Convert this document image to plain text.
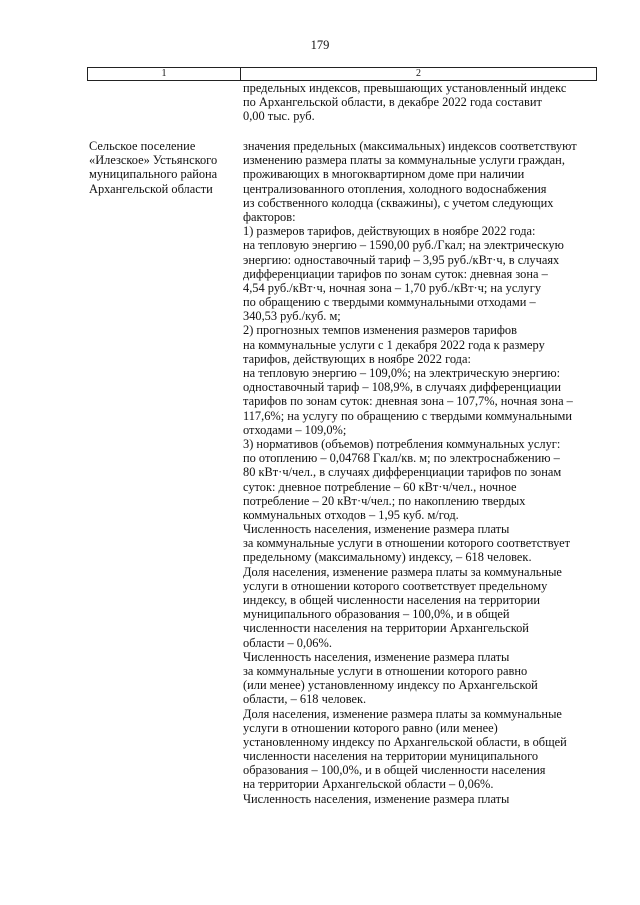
179
1	2
предельных индексов, превышающих установленный индекс
по Архангельской области, в декабре 2022 года составит
0,00 тыс. руб.
Сельское поселение
«Илезское» Устьянского
муниципального района
Архангельской области
значения предельных (максимальных) индексов соответствуют
изменению размера платы за коммунальные услуги граждан,
проживающих в многоквартирном доме при наличии
централизованного отопления, холодного водоснабжения
из собственного колодца (скважины), с учетом следующих
факторов:
1) размеров тарифов, действующих в ноябре 2022 года:
на тепловую энергию – 1590,00 руб./Гкал; на электрическую
энергию: одноставочный тариф – 3,95 руб./кВт·ч, в случаях
дифференциации тарифов по зонам суток: дневная зона –
4,54 руб./кВт·ч, ночная зона – 1,70 руб./кВт·ч; на услугу
по обращению с твердыми коммунальными отходами –
340,53 руб./куб. м;
2) прогнозных темпов изменения размеров тарифов
на коммунальные услуги с 1 декабря 2022 года к размеру
тарифов, действующих в ноябре 2022 года:
на тепловую энергию – 109,0%; на электрическую энергию:
одноставочный тариф – 108,9%, в случаях дифференциации
тарифов по зонам суток: дневная зона – 107,7%, ночная зона –
117,6%; на услугу по обращению с твердыми коммунальными
отходами – 109,0%;
3) нормативов (объемов) потребления коммунальных услуг:
по отоплению – 0,04768 Гкал/кв. м; по электроснабжению –
80 кВт·ч/чел., в случаях дифференциации тарифов по зонам
суток: дневное потребление – 60 кВт·ч/чел., ночное
потребление – 20 кВт·ч/чел.; по накоплению твердых
коммунальных отходов – 1,95 куб. м/год.
Численность населения, изменение размера платы
за коммунальные услуги в отношении которого соответствует
предельному (максимальному) индексу, – 618 человек.
Доля населения, изменение размера платы за коммунальные
услуги в отношении которого соответствует предельному
индексу, в общей численности населения на территории
муниципального образования – 100,0%, и в общей
численности населения на территории Архангельской
области – 0,06%.
Численность населения, изменение размера платы
за коммунальные услуги в отношении которого равно
(или менее) установленному индексу по Архангельской
области, – 618 человек.
Доля населения, изменение размера платы за коммунальные
услуги в отношении которого равно (или менее)
установленному индексу по Архангельской области, в общей
численности населения на территории муниципального
образования – 100,0%, и в общей численности населения
на территории Архангельской области – 0,06%.
Численность населения, изменение размера платы
